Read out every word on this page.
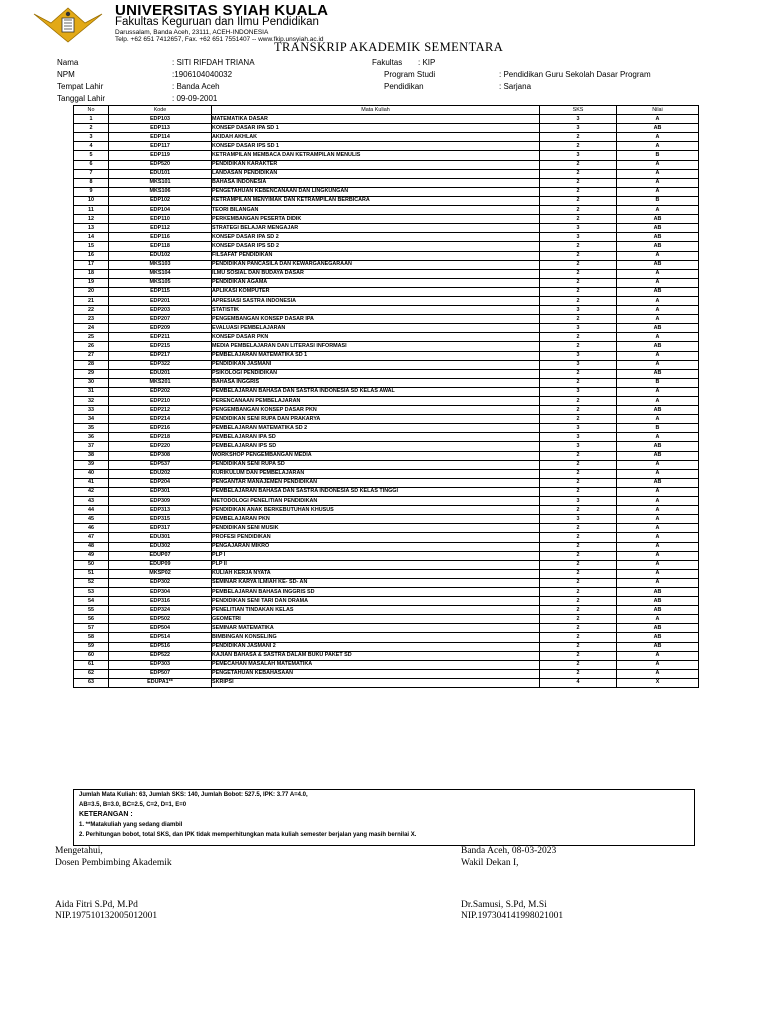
UNIVERSITAS SYIAH KUALA
Fakultas Keguruan dan Ilmu Pendidikan
Darussalam, Banda Aceh, 23111, ACEH-INDONESIA
Telp. +62 651 7412657, Fax. +62 651 7551407 -- www.fkip.unsyiah.ac.id
TRANSKRIP AKADEMIK SEMENTARA
Nama	: SITI RIFDAH TRIANA
NPM	:1906104040032
Tempat Lahir	: Banda Aceh
Tanggal Lahir	: 09-09-2001
Fakultas : KIP
Program Studi	: Pendidikan Guru Sekolah Dasar Program
Pendidikan	: Sarjana
No	Kode	Mata Kuliah	SKS	Nilai
1	EDP103	MATEMATIKA DASAR	3	A
2	EDP113	KONSEP DASAR IPA SD 1	3	AB
3	EDP114	AKIDAH AKHLAK	2	A
4	EDP117	KONSEP DASAR IPS SD 1	2	A
5	EDP119	KETRAMPILAN MEMBACA DAN KETRAMPILAN MENULIS	3	B
6	EDP520	PENDIDIKAN KARAKTER	2	A
7	EDU101	LANDASAN PENDIDIKAN	2	A
8	MKS101	BAHASA INDONESIA	2	A
9	MKS106	PENGETAHUAN KEBENCANAAN DAN LINGKUNGAN	2	A
10	EDP102	KETRAMPILAN MENYIMAK DAN KETRAMPILAN BERBICARA	2	B
11	EDP104	TEORI BILANGAN	2	A
12	EDP110	PERKEMBANGAN PESERTA DIDIK	2	AB
13	EDP112	STRATEGI BELAJAR MENGAJAR	3	AB
14	EDP116	KONSEP DASAR IPA SD 2	3	AB
15	EDP118	KONSEP DASAR IPS SD 2	2	AB
16	EDU102	FILSAFAT PENDIDIKAN	2	A
17	MKS103	PENDIDIKAN PANCASILA DAN KEWARGANEGARAAN	2	AB
18	MKS104	ILMU SOSIAL DAN BUDAYA DASAR	2	A
19	MKS105	PENDIDIKAN AGAMA	2	A
20	EDP115	APLIKASI KOMPUTER	2	AB
21	EDP201	APRESIASI SASTRA INDONESIA	2	A
22	EDP203	STATISTIK	3	A
23	EDP207	PENGEMBANGAN KONSEP DASAR IPA	2	A
24	EDP209	EVALUASI PEMBELAJARAN	3	AB
25	EDP211	KONSEP DASAR PKN	2	A
26	EDP215	MEDIA PEMBELAJARAN DAN LITERASI INFORMASI	2	AB
27	EDP217	PEMBELAJARAN MATEMATIKA SD 1	3	A
28	EDP322	PENDIDIKAN JASMANI	3	A
29	EDU201	PSIKOLOGI PENDIDIKAN	2	AB
30	MKS201	BAHASA INGGRIS	2	B
31	EDP202	PEMBELAJARAN BAHASA DAN SASTRA INDONESIA SD KELAS AWAL	3	A
32	EDP210	PERENCANAAN PEMBELAJARAN	2	A
33	EDP212	PENGEMBANGAN KONSEP DASAR PKN	2	AB
34	EDP214	PENDIDIKAN SENI RUPA DAN PRAKARYA	2	A
35	EDP216	PEMBELAJARAN MATEMATIKA SD 2	3	B
36	EDP218	PEMBELAJARAN IPA SD	3	A
37	EDP220	PEMBELAJARAN IPS SD	3	AB
38	EDP308	WORKSHOP PENGEMBANGAN MEDIA	2	AB
39	EDP537	PENDIDIKAN SENI RUPA SD	2	A
40	EDU202	KURIKULUM DAN PEMBELAJARAN	2	A
41	EDP204	PENGANTAR MANAJEMEN PENDIDIKAN	2	AB
42	EDP301	PEMBELAJARAN BAHASA DAN SASTRA INDONESIA SD KELAS TINGGI	2	A
43	EDP309	METODOLOGI PENELITIAN PENDIDIKAN	3	A
44	EDP313	PENDIDIKAN ANAK BERKEBUTUHAN KHUSUS	2	A
45	EDP315	PEMBELAJARAN PKN	3	A
46	EDP317	PENDIDIKAN SENI MUSIK	2	A
47	EDU301	PROFESI PENDIDIKAN	2	A
48	EDU302	PENGAJARAN MIKRO	2	A
49	EDUP07	PLP I	2	A
50	EDUP09	PLP II	2	A
51	MKSP02	KULIAH KERJA NYATA	2	A
52	EDP302	SEMINAR KARYA ILMIAH KE- SD- AN	2	A
53	EDP304	PEMBELAJARAN BAHASA INGGRIS SD	2	AB
54	EDP316	PENDIDIKAN SENI TARI DAN DRAMA	2	AB
55	EDP324	PENELITIAN TINDAKAN KELAS	2	AB
56	EDP502	GEOMETRI	2	A
57	EDP504	SEMINAR MATEMATIKA	2	AB
58	EDP514	BIMBINGAN KONSELING	2	AB
59	EDP516	PENDIDIKAN JASMANI 2	2	AB
60	EDP522	KAJIAN BAHASA & SASTRA DALAM BUKU PAKET SD	2	A
61	EDP303	PEMECAHAN MASALAH MATEMATIKA	2	A
62	EDP507	PENGETAHUAN KEBAHASAAN	2	A
63	EDUPA1**	SKRIPSI	4	X
Jumlah Mata Kuliah: 63, Jumlah SKS: 140, Jumlah Bobot: 527.5, IPK: 3.77 A=4.0,
AB=3.5, B=3.0, BC=2.5, C=2, D=1, E=0
KETERANGAN :
1. **Matakuliah yang sedang diambil
2. Perhitungan bobot, total SKS, dan IPK tidak memperhitungkan mata kuliah semester berjalan yang masih bernilai X.
Mengetahui,
Dosen Pembimbing Akademik
Aida Fitri S.Pd, M.Pd
NIP.197510132005012001
Banda Aceh, 08-03-2023
Wakil Dekan I,
Dr.Samusi, S.Pd, M.Si
NIP.197304141998021001
